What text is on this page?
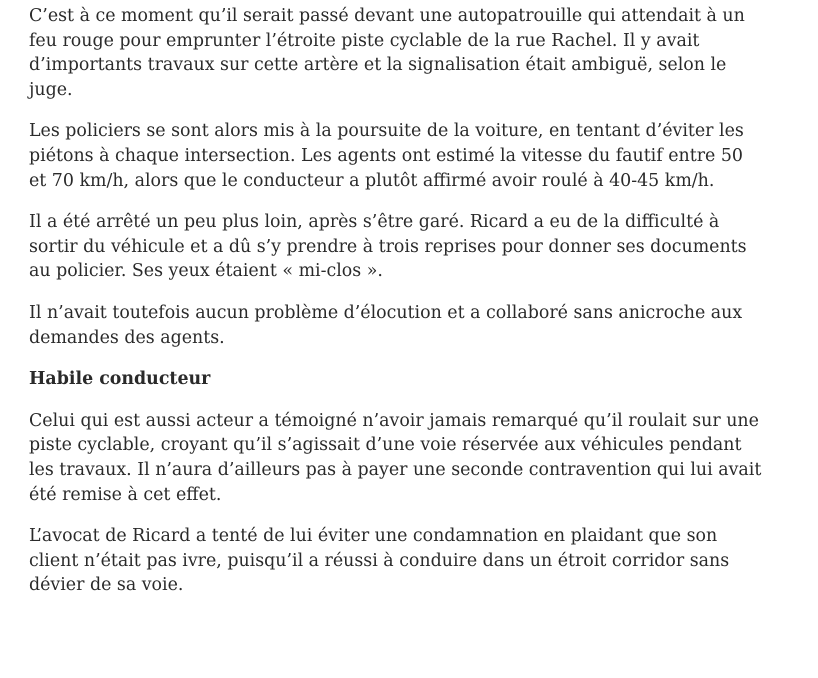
C’est à ce moment qu’il serait passé devant une autopatrouille qui attendait à un feu rouge pour emprunter l’étroite piste cyclable de la rue Rachel. Il y avait d’importants travaux sur cette artère et la signalisation était ambiguë, selon le juge.

Les policiers se sont alors mis à la poursuite de la voiture, en tentant d’éviter les piétons à chaque intersection. Les agents ont estimé la vitesse du fautif entre 50 et 70 km/h, alors que le conducteur a plutôt affirmé avoir roulé à 40-45 km/h.

Il a été arrêté un peu plus loin, après s’être garé. Ricard a eu de la difficulté à sortir du véhicule et a dû s’y prendre à trois reprises pour donner ses documents au policier. Ses yeux étaient « mi-clos ».

Il n’avait toutefois aucun problème d’élocution et a collaboré sans anicroche aux demandes des agents.

Habile conducteur

Celui qui est aussi acteur a témoigné n’avoir jamais remarqué qu’il roulait sur une piste cyclable, croyant qu’il s’agissait d’une voie réservée aux véhicules pendant les travaux. Il n’aura d’ailleurs pas à payer une seconde contravention qui lui avait été remise à cet effet.

L’avocat de Ricard a tenté de lui éviter une condamnation en plaidant que son client n’était pas ivre, puisqu’il a réussi à conduire dans un étroit corridor sans dévier de sa voie.
